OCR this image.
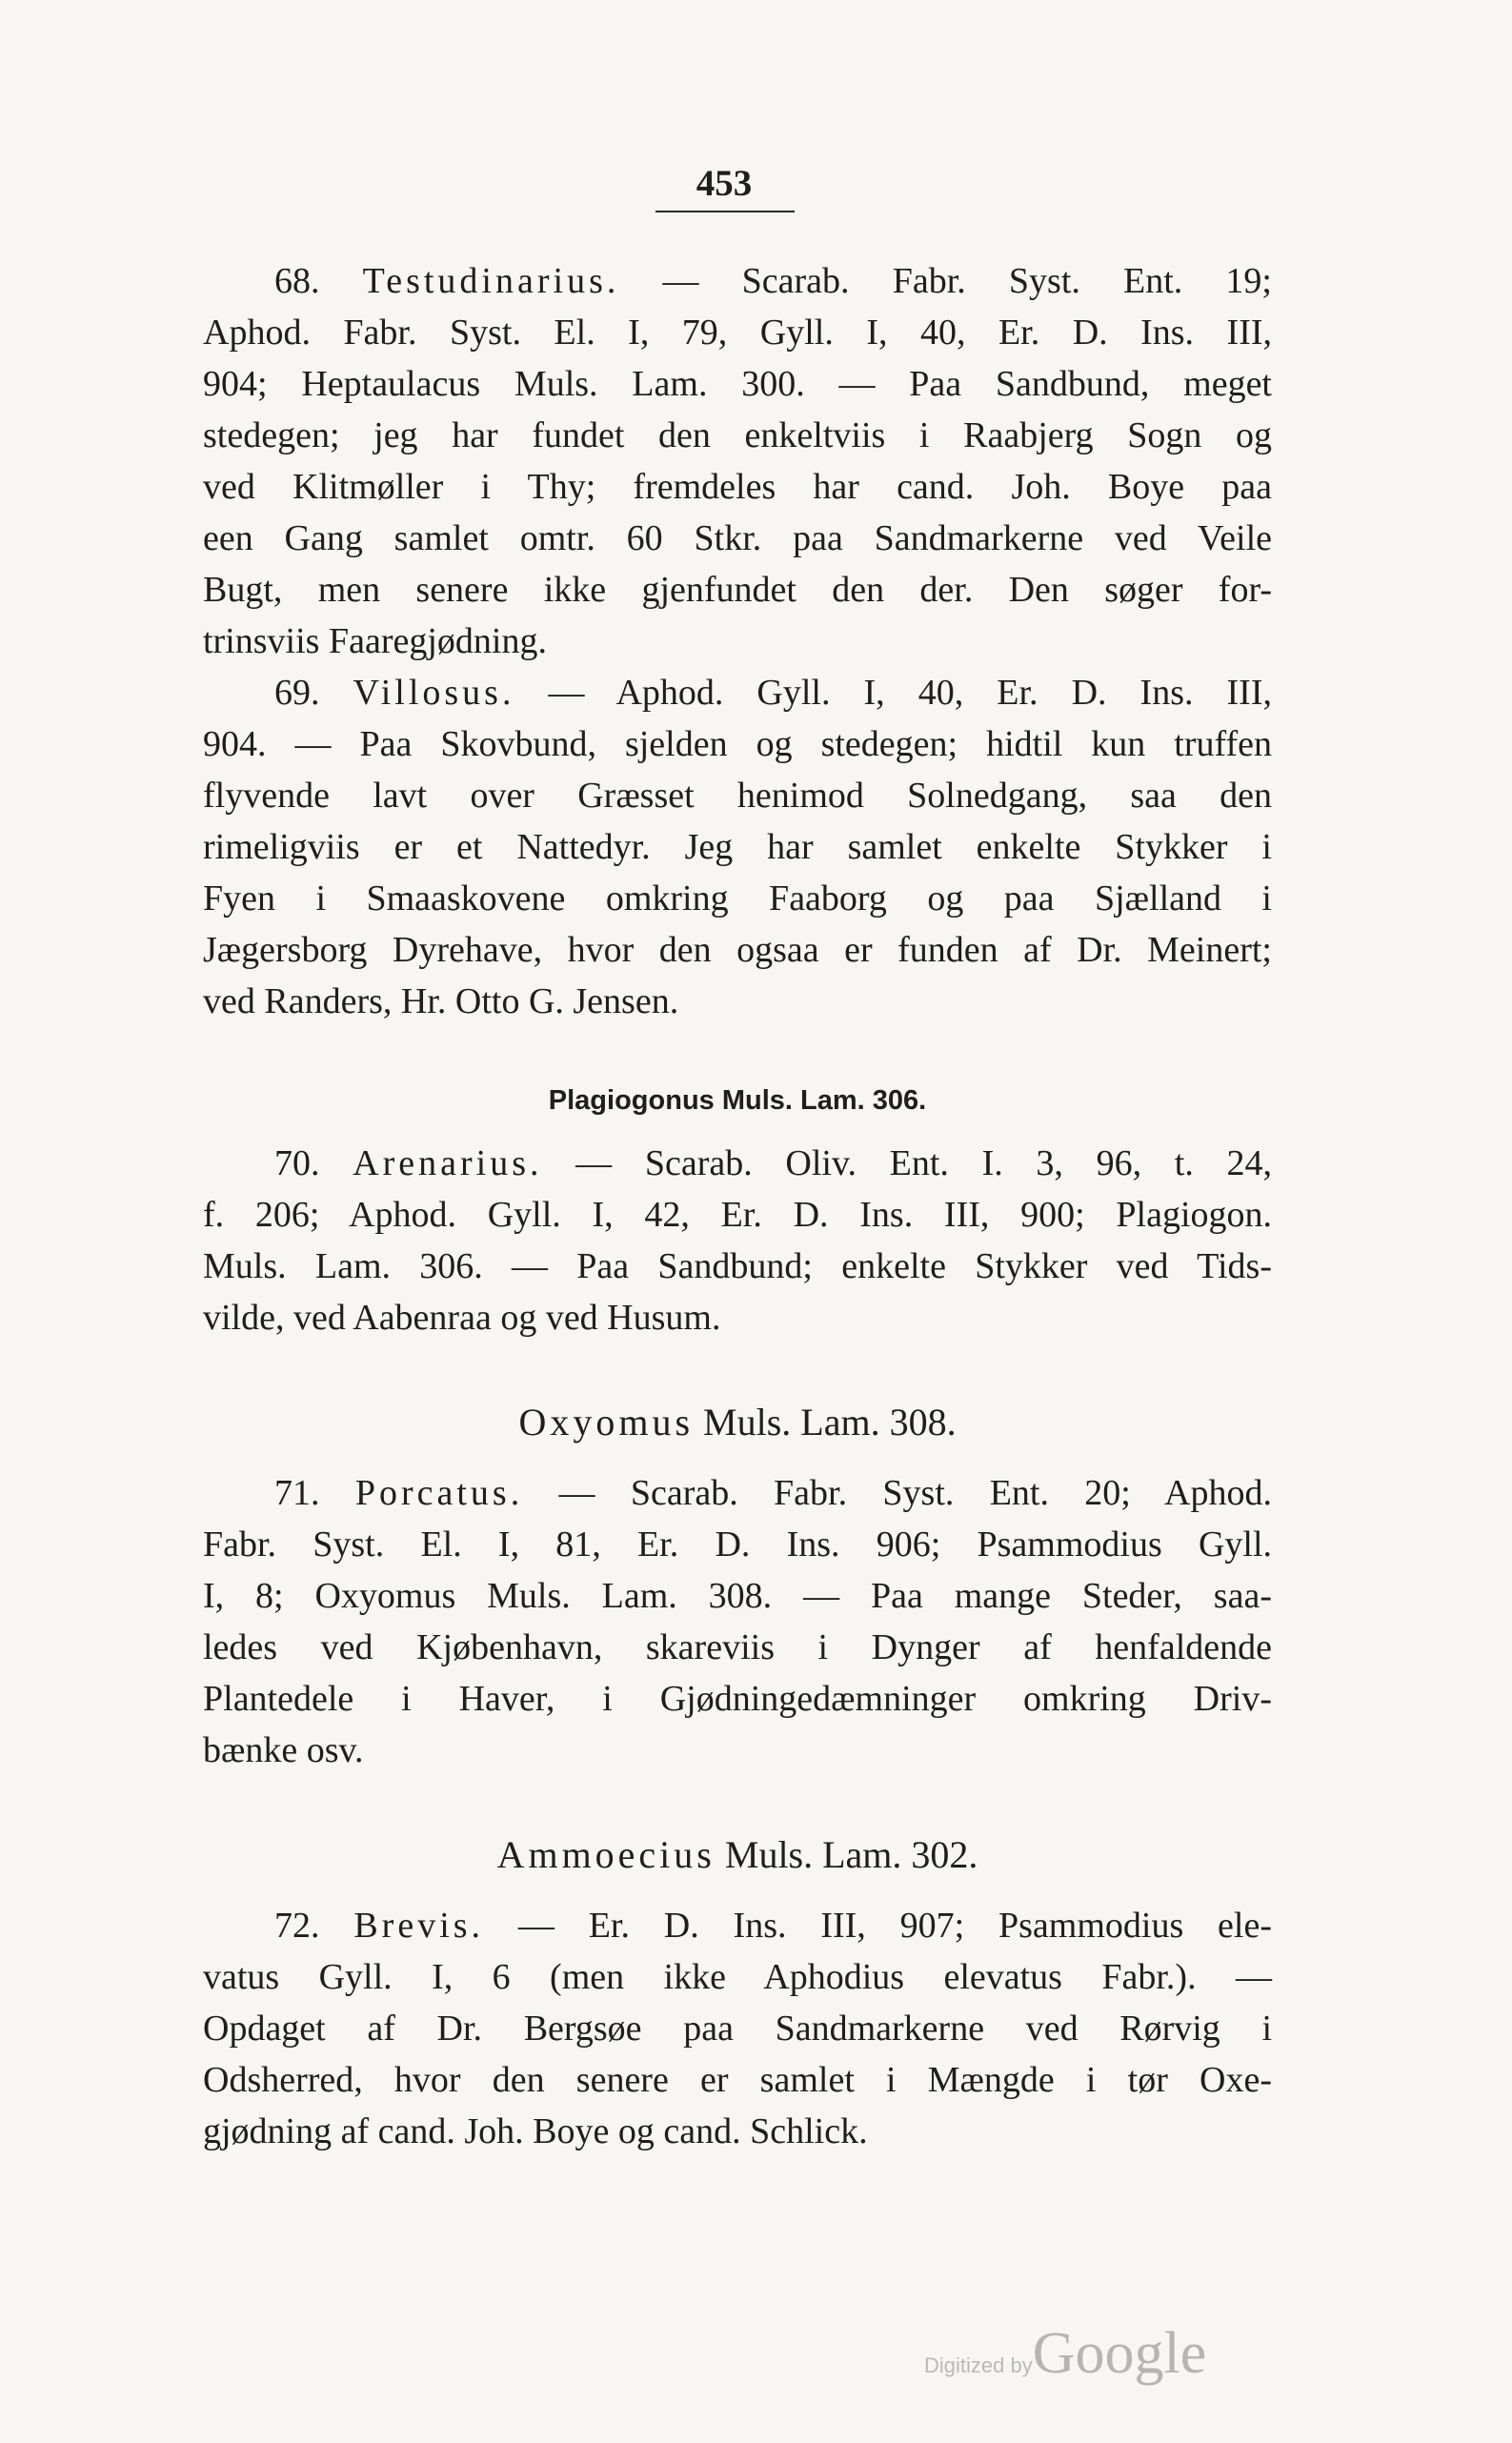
453
68. Testudinarius. — Scarab. Fabr. Syst. Ent. 19;
Aphod. Fabr. Syst. El. I, 79, Gyll. I, 40, Er. D. Ins. III,
904; Heptaulacus Muls. Lam. 300. — Paa Sandbund, meget
stedegen; jeg har fundet den enkeltviis i Raabjerg Sogn og
ved Klitmøller i Thy; fremdeles har cand. Joh. Boye paa
een Gang samlet omtr. 60 Stkr. paa Sandmarkerne ved Veile
Bugt, men senere ikke gjenfundet den der. Den søger for-
trinsviis Faaregjødning.
69. Villosus. — Aphod. Gyll. I, 40, Er. D. Ins. III,
904. — Paa Skovbund, sjelden og stedegen; hidtil kun truffen
flyvende lavt over Græsset henimod Solnedgang, saa den
rimeligviis er et Nattedyr. Jeg har samlet enkelte Stykker i
Fyen i Smaaskovene omkring Faaborg og paa Sjælland i
Jægersborg Dyrehave, hvor den ogsaa er funden af Dr. Meinert;
ved Randers, Hr. Otto G. Jensen.
Plagiogonus Muls. Lam. 306.
70. Arenarius. — Scarab. Oliv. Ent. I. 3, 96, t. 24,
f. 206; Aphod. Gyll. I, 42, Er. D. Ins. III, 900; Plagiogon.
Muls. Lam. 306. — Paa Sandbund; enkelte Stykker ved Tids-
vilde, ved Aabenraa og ved Husum.
Oxyomus Muls. Lam. 308.
71. Porcatus. — Scarab. Fabr. Syst. Ent. 20; Aphod.
Fabr. Syst. El. I, 81, Er. D. Ins. 906; Psammodius Gyll.
I, 8; Oxyomus Muls. Lam. 308. — Paa mange Steder, saa-
ledes ved Kjøbenhavn, skareviis i Dynger af henfaldende
Plantedele i Haver, i Gjødningedæmninger omkring Driv-
bænke osv.
Ammoecius Muls. Lam. 302.
72. Brevis. — Er. D. Ins. III, 907; Psammodius ele-
vatus Gyll. I, 6 (men ikke Aphodius elevatus Fabr.). —
Opdaget af Dr. Bergsøe paa Sandmarkerne ved Rørvig i
Odsherred, hvor den senere er samlet i Mængde i tør Oxe-
gjødning af cand. Joh. Boye og cand. Schlick.
Digitized byGoogle
